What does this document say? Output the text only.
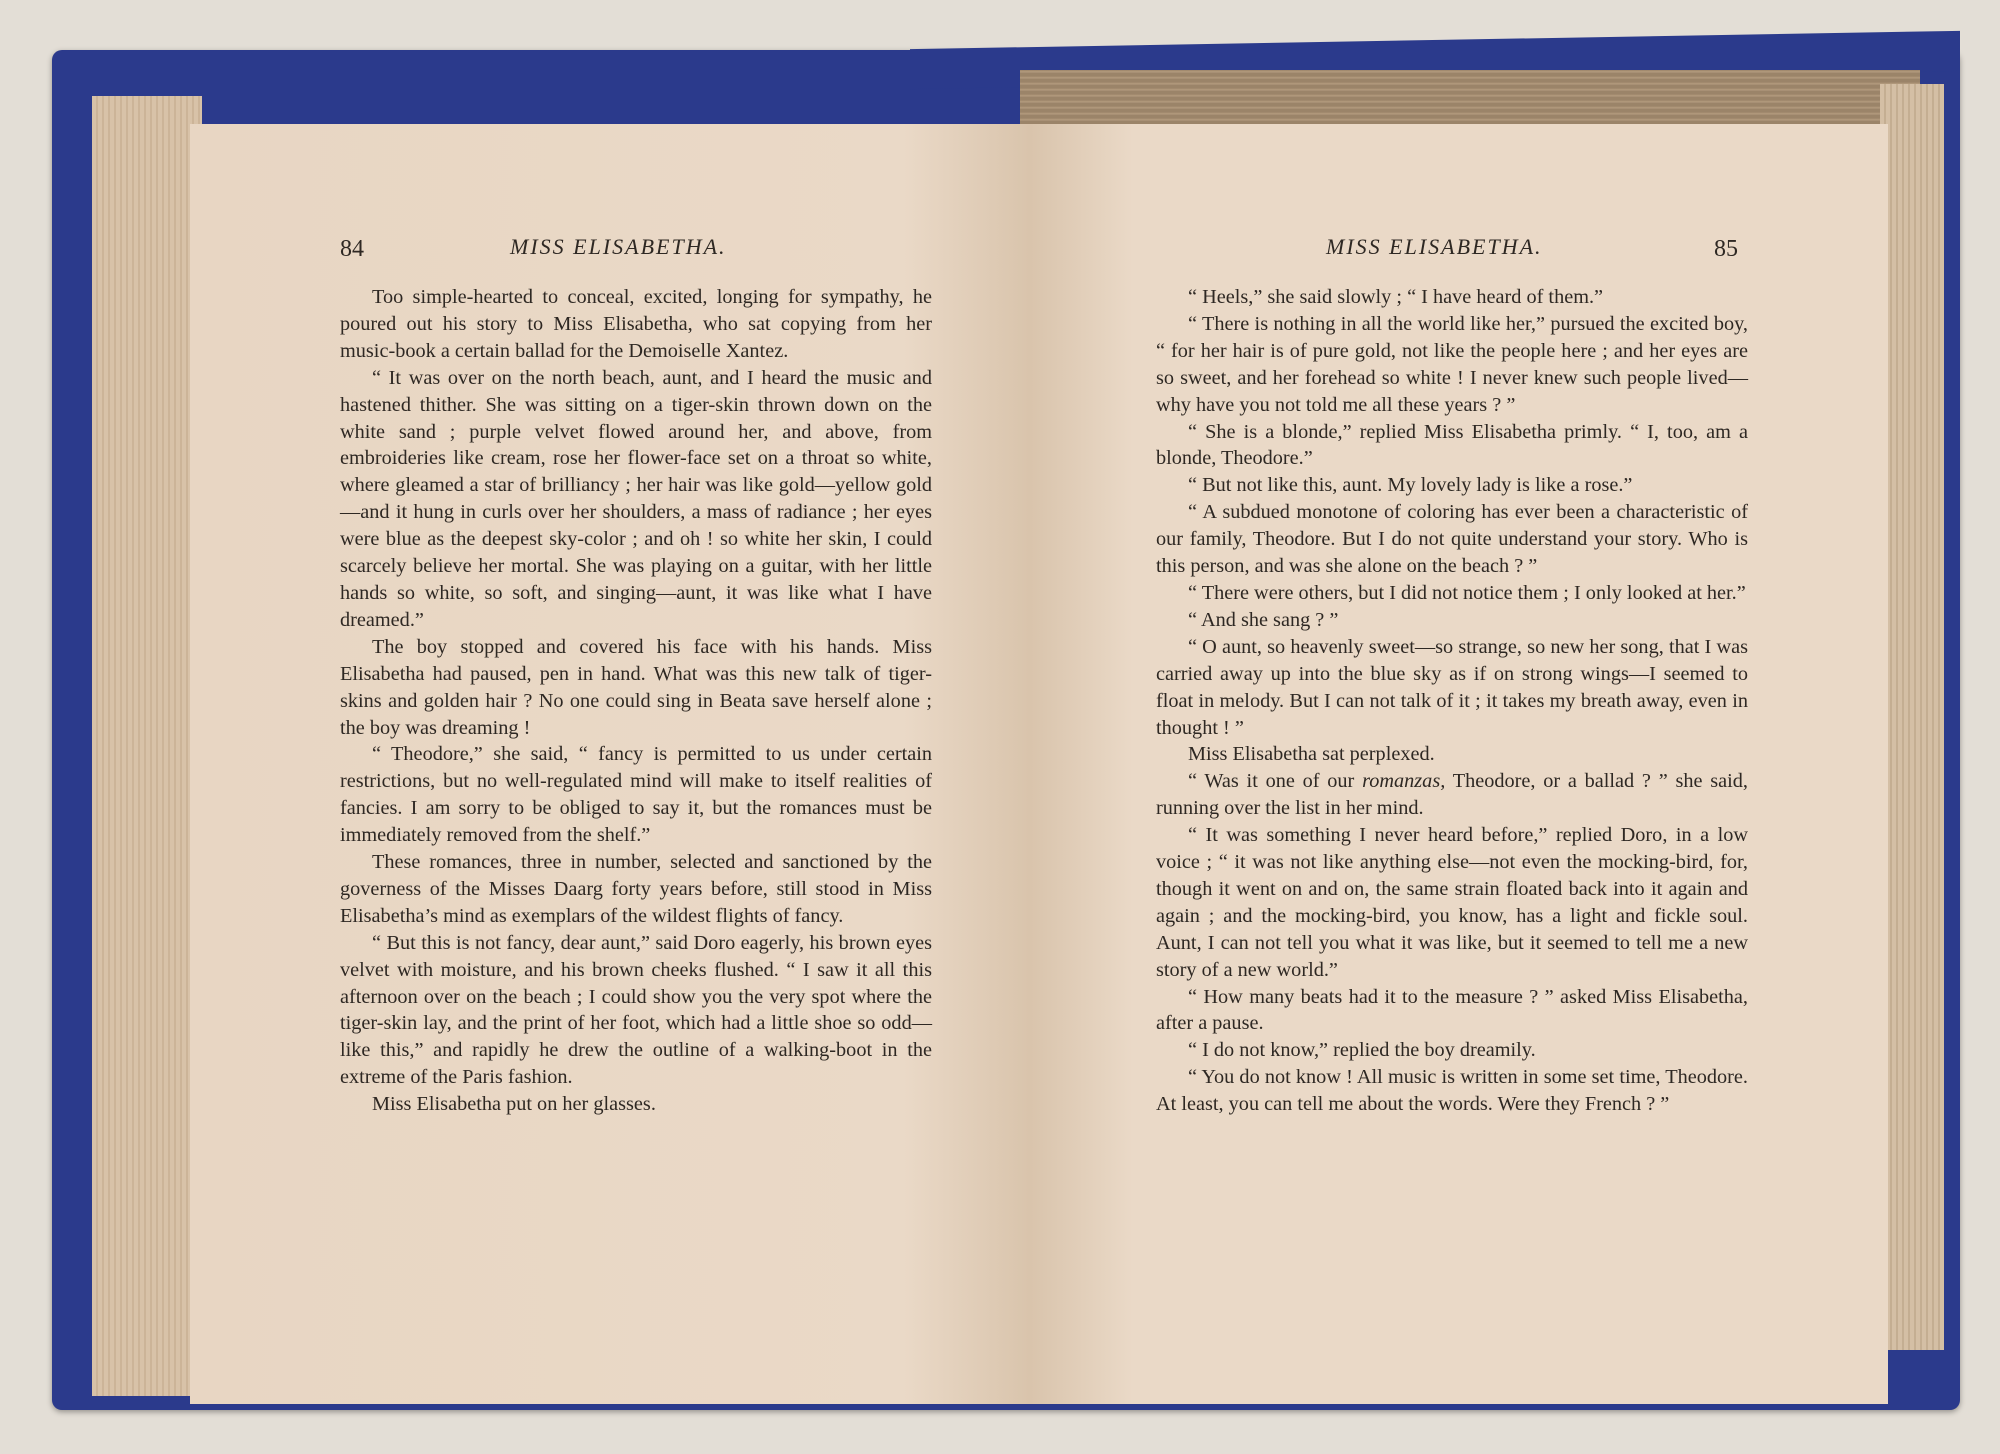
84	MISS ELISABETHA.

Too simple-hearted to conceal, excited, longing for sympathy, he poured out his story to Miss Elisabetha, who sat copying from her music-book a certain ballad for the Demoiselle Xantez.

“ It was over on the north beach, aunt, and I heard the music and hastened thither. She was sitting on a tiger-skin thrown down on the white sand ; purple velvet flowed around her, and above, from embroideries like cream, rose her flower-face set on a throat so white, where gleamed a star of brilliancy ; her hair was like gold—yellow gold—and it hung in curls over her shoulders, a mass of radiance ; her eyes were blue as the deepest sky-color ; and oh ! so white her skin, I could scarcely believe her mortal. She was playing on a guitar, with her little hands so white, so soft, and singing—aunt, it was like what I have dreamed.”

The boy stopped and covered his face with his hands. Miss Elisabetha had paused, pen in hand. What was this new talk of tiger-skins and golden hair ? No one could sing in Beata save herself alone ; the boy was dreaming !

“ Theodore,” she said, “ fancy is permitted to us under certain restrictions, but no well-regulated mind will make to itself realities of fancies. I am sorry to be obliged to say it, but the romances must be immediately removed from the shelf.”

These romances, three in number, selected and sanctioned by the governess of the Misses Daarg forty years before, still stood in Miss Elisabetha’s mind as exemplars of the wildest flights of fancy.

“ But this is not fancy, dear aunt,” said Doro eagerly, his brown eyes velvet with moisture, and his brown cheeks flushed. “ I saw it all this afternoon over on the beach ; I could show you the very spot where the tiger-skin lay, and the print of her foot, which had a little shoe so odd—like this,” and rapidly he drew the outline of a walking-boot in the extreme of the Paris fashion.

Miss Elisabetha put on her glasses.

MISS ELISABETHA.	85

“ Heels,” she said slowly ; “ I have heard of them.”

“ There is nothing in all the world like her,” pursued the excited boy, “ for her hair is of pure gold, not like the people here ; and her eyes are so sweet, and her forehead so white ! I never knew such people lived—why have you not told me all these years ? ”

“ She is a blonde,” replied Miss Elisabetha primly. “ I, too, am a blonde, Theodore.”

“ But not like this, aunt. My lovely lady is like a rose.”

“ A subdued monotone of coloring has ever been a characteristic of our family, Theodore. But I do not quite understand your story. Who is this person, and was she alone on the beach ? ”

“ There were others, but I did not notice them ; I only looked at her.”

“ And she sang ? ”

“ O aunt, so heavenly sweet—so strange, so new her song, that I was carried away up into the blue sky as if on strong wings—I seemed to float in melody. But I can not talk of it ; it takes my breath away, even in thought ! ”

Miss Elisabetha sat perplexed.

“ Was it one of our romanzas, Theodore, or a ballad ? ” she said, running over the list in her mind.

“ It was something I never heard before,” replied Doro, in a low voice ; “ it was not like anything else—not even the mocking-bird, for, though it went on and on, the same strain floated back into it again and again ; and the mocking-bird, you know, has a light and fickle soul. Aunt, I can not tell you what it was like, but it seemed to tell me a new story of a new world.”

“ How many beats had it to the measure ? ” asked Miss Elisabetha, after a pause.

“ I do not know,” replied the boy dreamily.

“ You do not know ! All music is written in some set time, Theodore. At least, you can tell me about the words. Were they French ? ”
